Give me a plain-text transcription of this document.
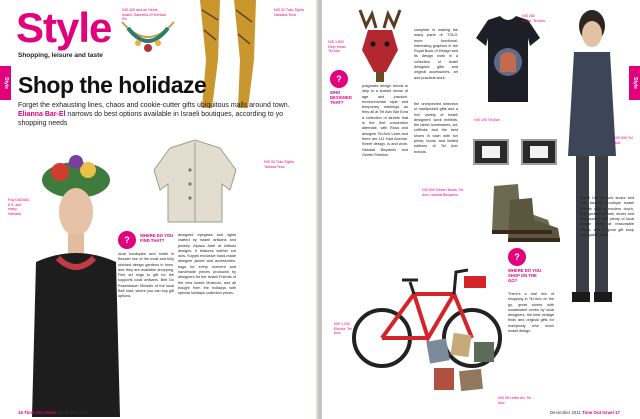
Style
Shopping, leisure and taste
NIS 425 and an Genie Israeli, Gabriella 20 Kehilah Rd
NIS 92 Toko Tights Nandina Teva
Style Shop the holidaze
Forget the exhausting lines, chaos and cookie-cutter gifts ubiquitous malls around town. Elianna Bar-El narrows do best options available in Israeli boutiques, according to yo shopping needs
Ruy DADIAN, 6 S, and many, Hamara
NIS 92 Toko Tights Tamara Teva
?	WHERE DO YOU FIND THAT?
local boutiques and small is Bezalel one of the most and fully stocked design gardens in town, and they are available shopping. Fine art rings to gift for the supports local artisans. Beit Do Rosenbaum Minister of the local Beit road, where you can buy gift options.
designed eyeglass and lights crafted by Israeli artisans and jewelry. Alpaca Artel at kibbutz designs. It features leather cut outs, Kopyts exclusive hand-made designer jacket and accessories, bags for every moment and handmade pieces produced by designers for the Israeli Friends of the new Israeli Museum, and all bought from the holidays with special holidays collection prices.
16 Time Out Israel December 2011
NIS 1,500 Deer Head, Tel Aviv
?
WHO DESIGNED THAT?
pragmatic design trends to strip to a shared sense of age and practice, environmental style and temporary markings as they all at Tel Aviv Bar Ezra a collection of streets that is the first convention alternate, with Rosa and designer Tel Aviv Lines and there are 111 Hart Avenue. Street design, is and work, Nahalat Binyamin and Gentle Shenkin.
complete in making the many parts of 'TOLD' more functional, interesting graphics in the Royal Book of Design and its design work in a collection of Israel designed gifts and original accessories, art and practical work.
the unexpected selection of handpicked gifts and a rich variety of Israeli designers' work exhibits, the latest homewares, art, cufflinks and the best shoes in town with fun prints, boots, and limited editions of Tel Aviv brands.
NIS 280 Gucci, Tel Aviv
NIS 690 Tel Aviv
NIS 190 Tel Aviv
NIS 690 Desert Boots, Tel Aviv, nachlat Binyamin
NIS 1,000 Electra, Tel Aviv
?
WHERE DO YOU SHOP ON THE GO?
There's a real mix of shopping in Tel Aviv on the go, great stores with sustainable works by local designers, the best vintage finds and original gifts for everybody who loves Israeli design.
Marcli Ltd Tel Aviv shoes and kids fashion. Boutique Israeli brands with a modern touch, from jackets to hats, shoes and accessories and plenty of local design items at reasonable prices, and a great gift shop with quality work.
NIS 95 Letter Art, Tel Aviv
December 2011 Time Out Israel 17
Style
